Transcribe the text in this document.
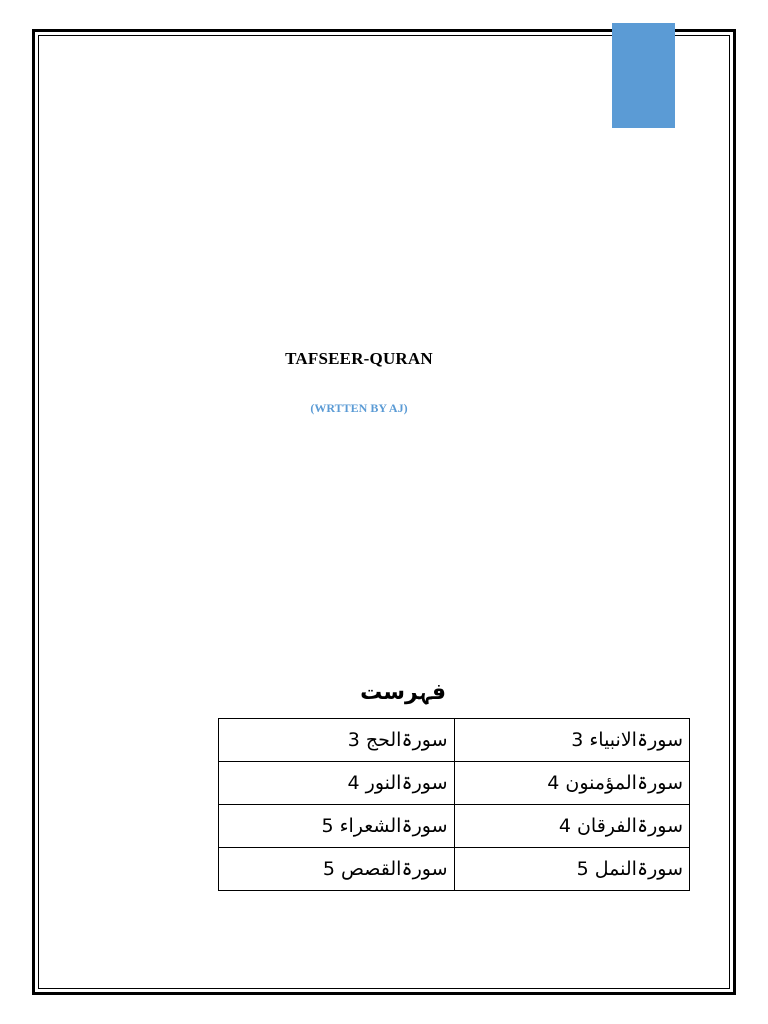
TAFSEER-QURAN
(WRTTEN BY AJ)
فہرست
سورۃالانبیاء 3	سورۃالحج 3
سورۃالمؤمنون 4	سورۃالنور 4
سورۃالفرقان 4	سورۃالشعراء 5
سورۃالنمل 5	سورۃالقصص 5
